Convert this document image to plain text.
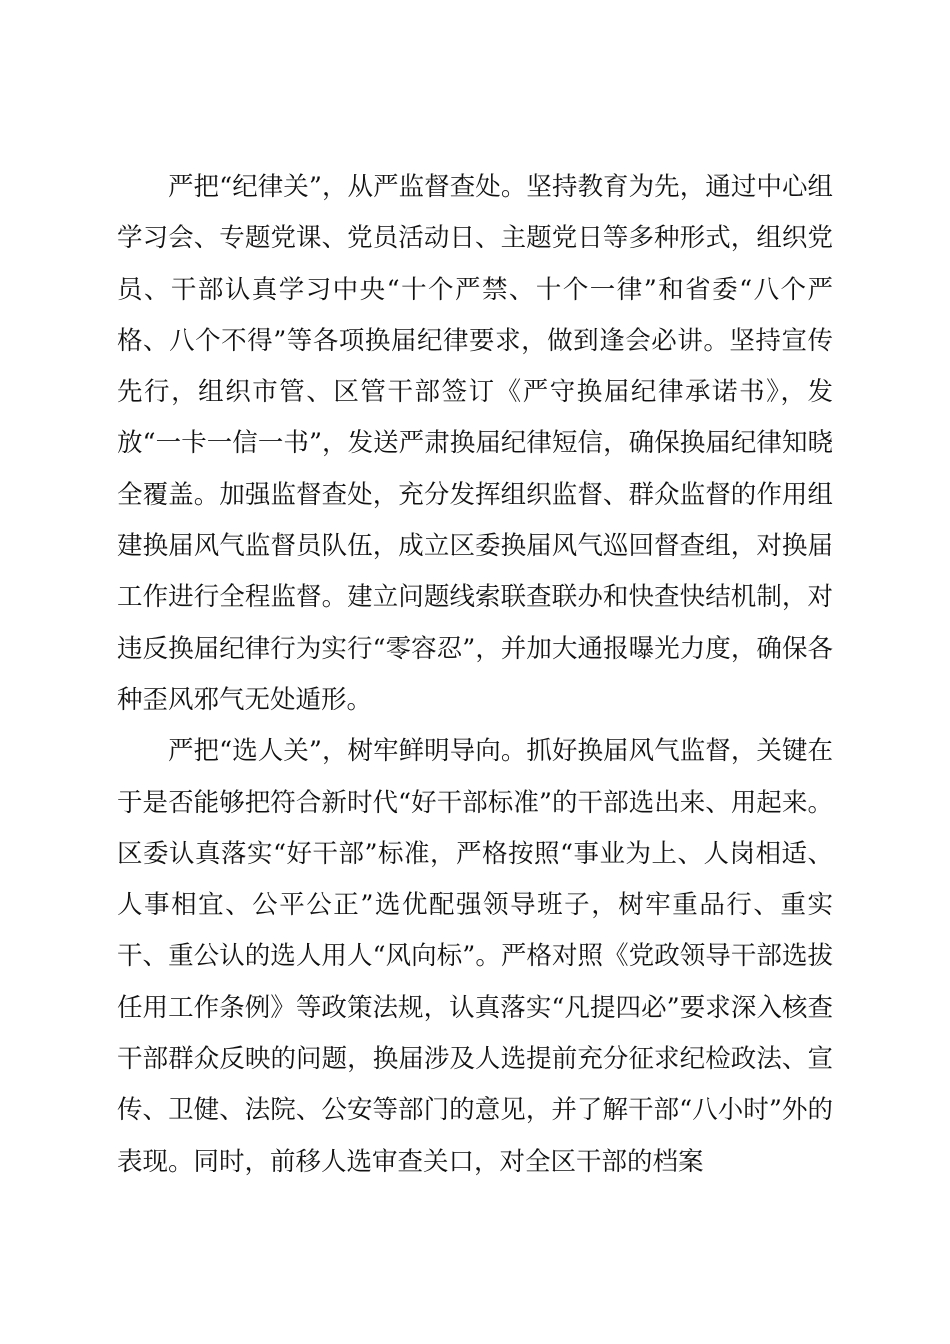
严把“纪律关”，从严监督查处。坚持教育为先，通过中心组学习会、专题党课、党员活动日、主题党日等多种形式，组织党员、干部认真学习中央“十个严禁、十个一律”和省委“八个严格、八个不得”等各项换届纪律要求，做到逢会必讲。坚持宣传先行，组织市管、区管干部签订《严守换届纪律承诺书》，发放“一卡一信一书”，发送严肃换届纪律短信，确保换届纪律知晓全覆盖。加强监督查处，充分发挥组织监督、群众监督的作用组建换届风气监督员队伍，成立区委换届风气巡回督查组，对换届工作进行全程监督。建立问题线索联查联办和快查快结机制，对违反换届纪律行为实行“零容忍”，并加大通报曝光力度，确保各种歪风邪气无处遁形。

严把“选人关”，树牢鲜明导向。抓好换届风气监督，关键在于是否能够把符合新时代“好干部标准”的干部选出来、用起来。区委认真落实“好干部”标准，严格按照“事业为上、人岗相适、人事相宜、公平公正”选优配强领导班子，树牢重品行、重实干、重公认的选人用人“风向标”。严格对照《党政领导干部选拔任用工作条例》等政策法规，认真落实“凡提四必”要求深入核查干部群众反映的问题，换届涉及人选提前充分征求纪检政法、宣传、卫健、法院、公安等部门的意见，并了解干部“八小时”外的表现。同时，前移人选审查关口，对全区干部的档案
